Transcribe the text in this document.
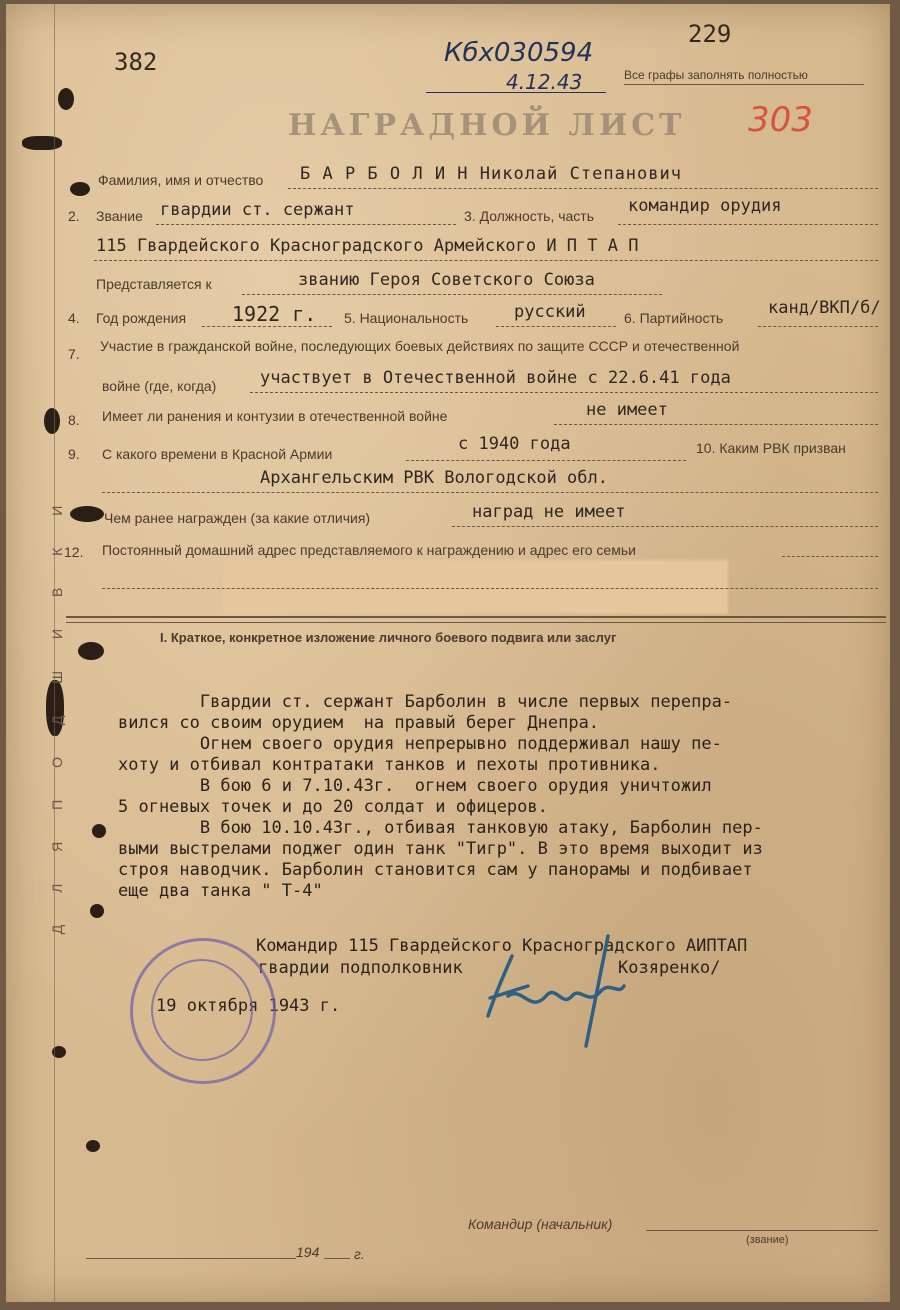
Д Л Я П О Д Ш И В К И
382
229
Кбх030594
4.12.43	Все графы заполнять полностью
303
НАГРАДНОЙ ЛИСТ
Фамилия, имя и отчество Б А Р Б О Л И Н Николай Степанович
2. Звание гвардии ст. сержант	3. Должность, часть командир орудия
115 Гвардейского Красноградского Армейского И П Т А П
Представляется к	званию Героя Советского Союза
4. Год рождения 1922 г. 5. Национальность	русский	6. Партийность	канд/ВКП/б/
7. Участие в гражданской войне, последующих боевых действиях по защите СССР и отечественной
войне (где, когда)	участвует в Отечественной войне с 22.6.41 года
8. Имеет ли ранения и контузии в отечественной войне	не имеет
9. С какого времени в Красной Армии	с 1940 года	10. Каким РВК призван
Архангельским РВК Вологодской обл.
Чем ранее награжден (за какие отличия)	наград не имеет
12. Постоянный домашний адрес представляемого к награждению и адрес его семьи
I. Краткое, конкретное изложение личного боевого подвига или заслуг
Гвардии ст. сержант Барболин в числе первых перепра-
вился со своим орудием  на правый берег Днепра.
Огнем своего орудия непрерывно поддерживал нашу пе-
хоту и отбивал контратаки танков и пехоты противника.
В бою 6 и 7.10.43г.  огнем своего орудия уничтожил
5 огневых точек и до 20 солдат и офицеров.
В бою 10.10.43г., отбивая танковую атаку, Барболин пер-
выми выстрелами поджег один танк "Тигр". В это время выходит из
строя наводчик. Барболин становится сам у панорамы и подбивает
еще два танка " Т-4"
Командир 115 Гвардейского Красноградского АИПТАП
гвардии подполковник	Козяренко/
19 октября 1943 г.
Командир (начальник)
(звание)
194 г.
